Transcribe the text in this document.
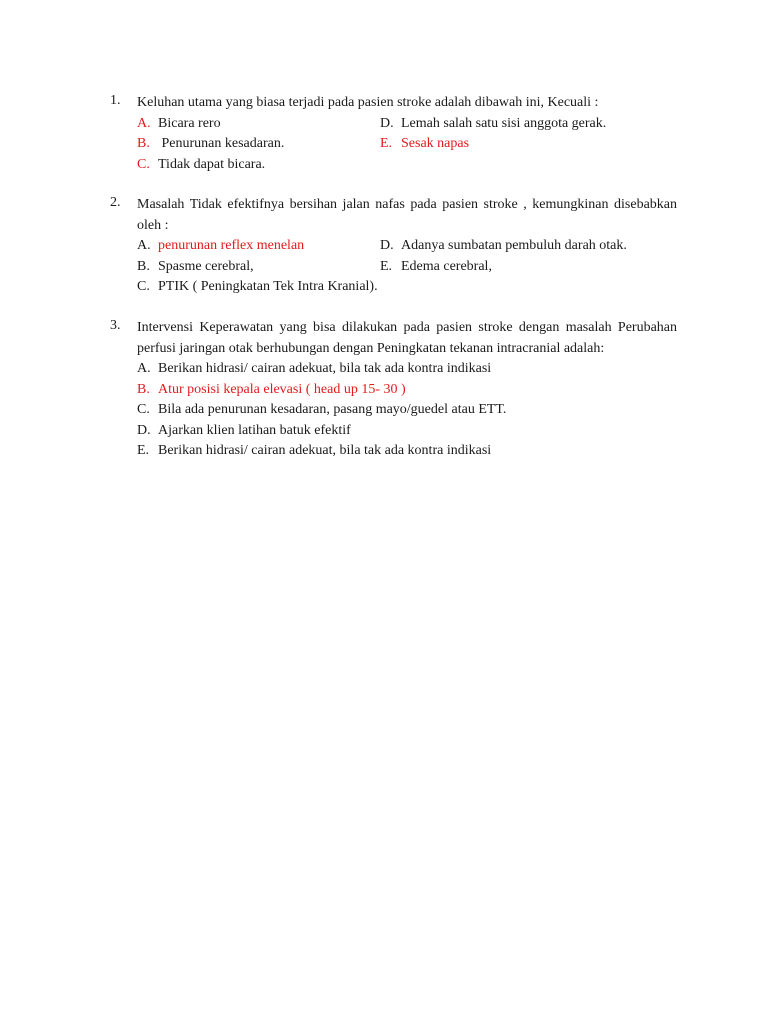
1.	Keluhan utama yang biasa terjadi pada pasien stroke adalah dibawah ini, Kecuali :
A. Bicara rero	D. Lemah salah satu sisi anggota gerak.
B. Penurunan kesadaran.	E. Sesak napas
C. Tidak dapat bicara.
2.	Masalah Tidak efektifnya bersihan jalan nafas pada pasien stroke , kemungkinan disebabkan oleh :
A. penurunan reflex menelan	D. Adanya sumbatan pembuluh darah otak.
B. Spasme cerebral,	E. Edema cerebral,
C. PTIK ( Peningkatan Tek Intra Kranial).
3.	Intervensi Keperawatan yang bisa dilakukan pada pasien stroke dengan masalah Perubahan perfusi jaringan otak berhubungan dengan Peningkatan tekanan intracranial adalah:
A. Berikan hidrasi/ cairan adekuat, bila tak ada kontra indikasi
B. Atur posisi kepala elevasi ( head up 15- 30 )
C. Bila ada penurunan kesadaran, pasang mayo/guedel atau ETT.
D. Ajarkan klien latihan batuk efektif
E. Berikan hidrasi/ cairan adekuat, bila tak ada kontra indikasi
